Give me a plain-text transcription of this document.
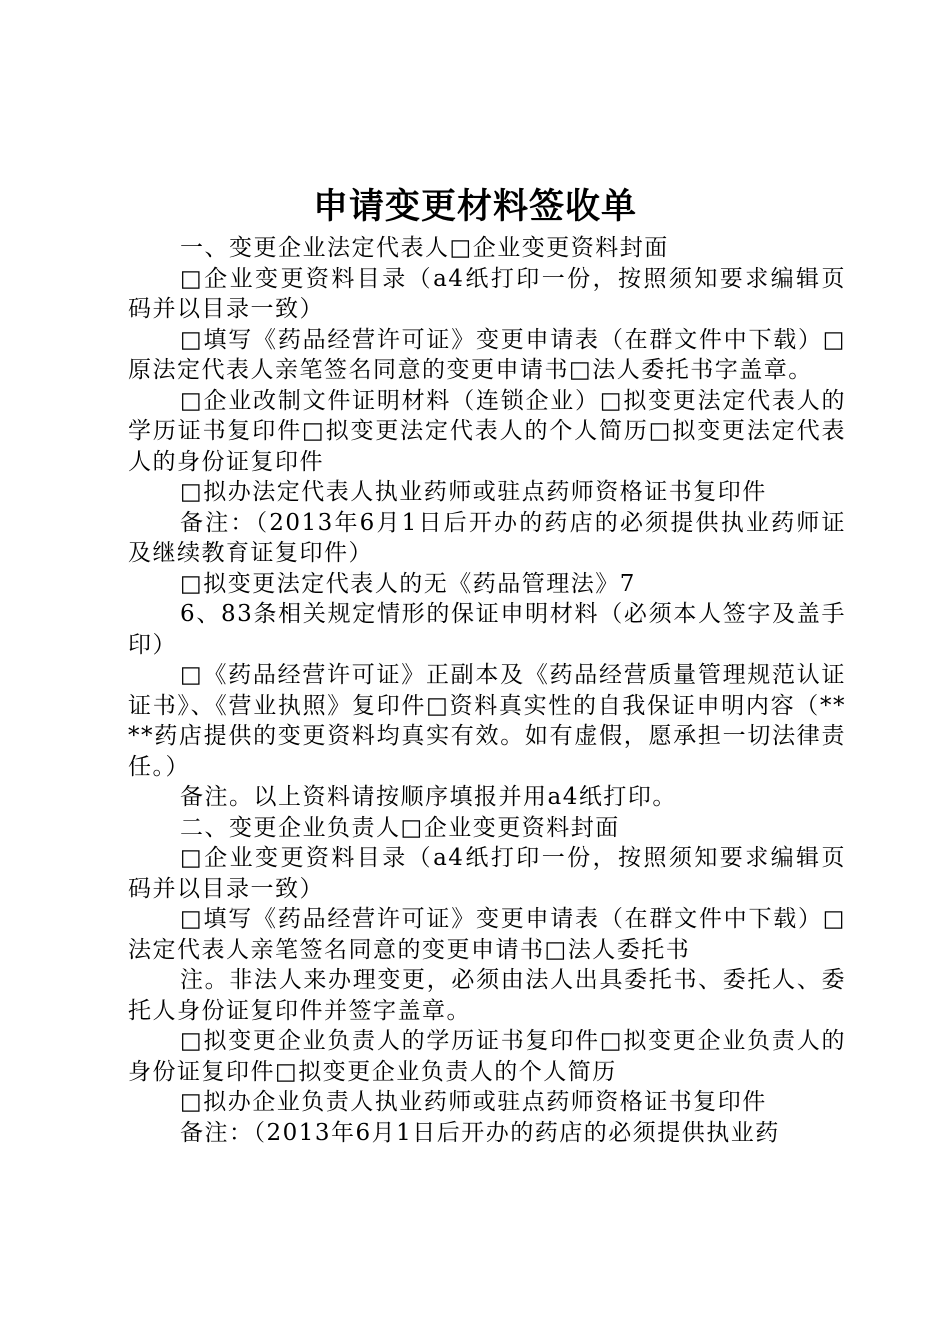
申请变更材料签收单

一、变更企业法定代表人□企业变更资料封面

□企业变更资料目录（a4纸打印一份，按照须知要求编辑页码并以目录一致）

□填写《药品经营许可证》变更申请表（在群文件中下载）□原法定代表人亲笔签名同意的变更申请书□法人委托书字盖章。

□企业改制文件证明材料（连锁企业）□拟变更法定代表人的学历证书复印件□拟变更法定代表人的个人简历□拟变更法定代表人的身份证复印件

□拟办法定代表人执业药师或驻点药师资格证书复印件

备注：（2013年6月1日后开办的药店的必须提供执业药师证及继续教育证复印件）

□拟变更法定代表人的无《药品管理法》7

6、83条相关规定情形的保证申明材料（必须本人签字及盖手印）

□《药品经营许可证》正副本及《药品经营质量管理规范认证证书》、《营业执照》复印件□资料真实性的自我保证申明内容（****药店提供的变更资料均真实有效。如有虚假，愿承担一切法律责任。）

备注。以上资料请按顺序填报并用a4纸打印。

二、变更企业负责人□企业变更资料封面

□企业变更资料目录（a4纸打印一份，按照须知要求编辑页码并以目录一致）

□填写《药品经营许可证》变更申请表（在群文件中下载）□法定代表人亲笔签名同意的变更申请书□法人委托书

注。非法人来办理变更，必须由法人出具委托书、委托人、委托人身份证复印件并签字盖章。

□拟变更企业负责人的学历证书复印件□拟变更企业负责人的身份证复印件□拟变更企业负责人的个人简历

□拟办企业负责人执业药师或驻点药师资格证书复印件

备注：（2013年6月1日后开办的药店的必须提供执业药
